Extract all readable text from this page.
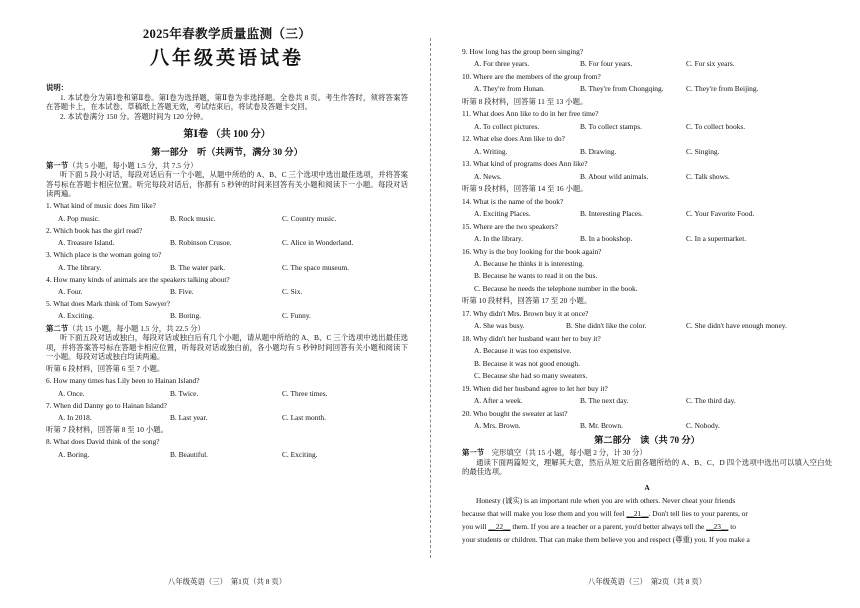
2025年春教学质量监测（三）
八年级英语试卷
说明：
1. 本试卷分为第Ⅰ卷和第Ⅱ卷。第Ⅰ卷为选择题，第Ⅱ卷为非选择题。全卷共 8 页。考生作答时，须将答案答在答题卡上，在本试卷、草稿纸上答题无效，考试结束后，将试卷及答题卡交回。
2. 本试卷满分 150 分。答题时间为 120 分钟。
第Ⅰ卷 （共 100 分）
第一部分　听（共两节，满分 30 分）
第一节（共 5 小题，每小题 1.5 分，共 7.5 分）
听下面 5 段小对话，每段对话后有一个小题，从题中所给的 A、B、C 三个选项中选出最佳选项，并将答案答号标在答题卡相应位置。听完每段对话后，你都有 5 秒钟的时间来回答有关小题和阅读下一小题。每段对话读两遍。
1. What kind of music does Jim like?
A. Pop music.	B. Rock music.	C. Country music.
2. Which book has the girl read?
A. Treasure Island.	B. Robinson Crusoe.	C. Alice in Wonderland.
3. Which place is the woman going to?
A. The library.	B. The water park.	C. The space museum.
4. How many kinds of animals are the speakers talking about?
A. Four.	B. Five.	C. Six.
5. What does Mark think of Tom Sawyer?
A. Exciting.	B. Boring.	C. Funny.
第二节（共 15 小题，每小题 1.5 分，共 22.5 分）
听下面五段对话或独白，每段对话或独白后有几个小题，请从题中所给的 A、B、C 三个选项中选出最佳选项，并将答案答号标在答题卡相应位置，听每段对话或独白前，各小题均有 5 秒钟时间回答有关小题和阅读下一小题。每段对话或独白均读两遍。
听第 6 段材料，回答第 6 至 7 小题。
6. How many times has Lily been to Hainan Island?
A. Once.	B. Twice.	C. Three times.
7. When did Danny go to Hainan Island?
A. In 2018.	B. Last year.	C. Last month.
听第 7 段材料，回答第 8 至 10 小题。
8. What does David think of the song?
A. Boring.	B. Beautiful.	C. Exciting.
八年级英语（三）　第1页（共 8 页）
9. How long has the group been singing?
A. For three years.	B. For four years.	C. For six years.
10. Where are the members of the group from?
A. They're from Hunan.	B. They're from Chongqing.	C. They're from Beijing.
听第 8 段材料，回答第 11 至 13 小题。
11. What does Ann like to do in her free time?
A. To collect pictures.	B. To collect stamps.	C. To collect books.
12. What else does Ann like to do?
A. Writing.	B. Drawing.	C. Singing.
13. What kind of programs does Ann like?
A. News.	B. About wild animals.	C. Talk shows.
听第 9 段材料，回答第 14 至 16 小题。
14. What is the name of the book?
A. Exciting Places.	B. Interesting Places.	C. Your Favorite Food.
15. Where are the two speakers?
A. In the library.	B. In a bookshop.	C. In a supermarket.
16. Why is the boy looking for the book again?
A. Because he thinks it is interesting.
B. Because he wants to read it on the bus.
C. Because he needs the telephone number in the book.
听第 10 段材料，回答第 17 至 20 小题。
17. Why didn't Mrs. Brown buy it at once?
A. She was busy.	B. She didn't like the color.	C. She didn't have enough money.
18. Why didn't her husband want her to buy it?
A. Because it was too expensive.
B. Because it was not good enough.
C. Because she had so many sweaters.
19. When did her husband agree to let her buy it?
A. After a week.	B. The next day.	C. The third day.
20. Who bought the sweater at last?
A. Mrs. Brown.	B. Mr. Brown.	C. Nobody.
第二部分　读（共 70 分）
第一节　 完形填空（共 15 小题，每小题 2 分，计 30 分）
通读下面两篇短文，理解其大意，然后从短文后面各题所给的 A、B、C、D 四个选项中选出可以填入空白处的最佳选项。
A
Honesty (诚实) is an important rule when you are with others. Never cheat your friends
because that will make you lose them and you will feel __21__. Don't tell lies to your parents, or
you will __22__ them. If you are a teacher or a parent, you'd better always tell the __23__ to
your students or children. That can make them believe you and respect (尊重) you. If you make a
八年级英语（三）　第2页（共 8 页）
